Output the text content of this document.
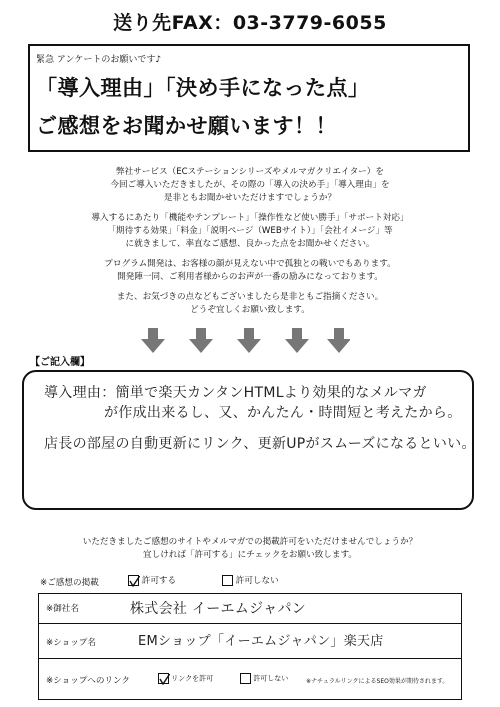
送り先FAX：03-3779-6055
緊急 アンケートのお願いです♪
「導入理由」「決め手になった点」
ご感想をお聞かせ願います！！
弊社サービス（ECステーションシリーズやメルマガクリエイター）を
今回ご導入いただきましたが、その際の「導入の決め手」「導入理由」を
是非ともお聞かせいただけますでしょうか？
導入するにあたり「機能やテンプレート」「操作性など使い勝手」「サポート対応」
「期待する効果」「料金」「説明ページ（WEBサイト）」「会社イメージ」等
に就きまして、率直なご感想、良かった点をお聞かせください。
プログラム開発は、お客様の顔が見えない中で孤独との戦いでもあります。
開発陣一同、ご利用者様からのお声が一番の励みになっております。
また、お気づきの点などもございましたら是非ともご指摘ください。
どうぞ宜しくお願い致します。
【ご記入欄】
導入理由：簡単で楽天カンタンHTMLより効果的なメルマガ
が作成出来るし、又、かんたん・時間短と考えたから。
店長の部屋の自動更新にリンク、更新UPがスムーズになるといい。
いただきましたご感想のサイトやメルマガでの掲載許可をいただけませんでしょうか？
宜しければ「許可する」にチェックをお願い致します。
※ご感想の掲載	許可する	許可しない
※御社名	株式会社 イーエムジャパン
※ショップ名	EMショップ「イーエムジャパン」楽天店
※ショップへのリンク	リンクを許可	許可しない	※ナチュラルリンクによるSEO効果が期待されます。
